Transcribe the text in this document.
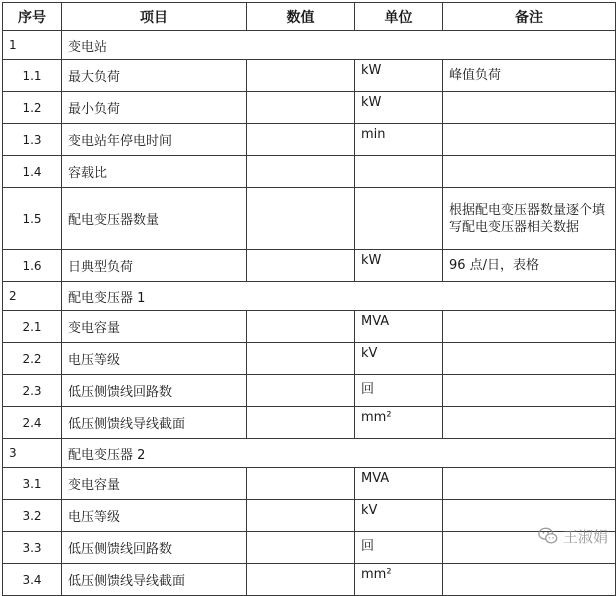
序号	项目	数值	单位	备注
1	变电站			
1.1	最大负荷		kW	峰值负荷
1.2	最小负荷		kW	
1.3	变电站年停电时间		min	
1.4	容载比			
1.5	配电变压器数量			根据配电变压器数量逐个填写配电变压器相关数据
1.6	日典型负荷		kW	96 点/日，表格
2	配电变压器 1			
2.1	变电容量		MVA	
2.2	电压等级		kV	
2.3	低压侧馈线回路数		回	
2.4	低压侧馈线导线截面		mm²	
3	配电变压器 2			
3.1	变电容量		MVA	
3.2	电压等级		kV	
3.3	低压侧馈线回路数		回	
3.4	低压侧馈线导线截面		mm²	
王淑娟
